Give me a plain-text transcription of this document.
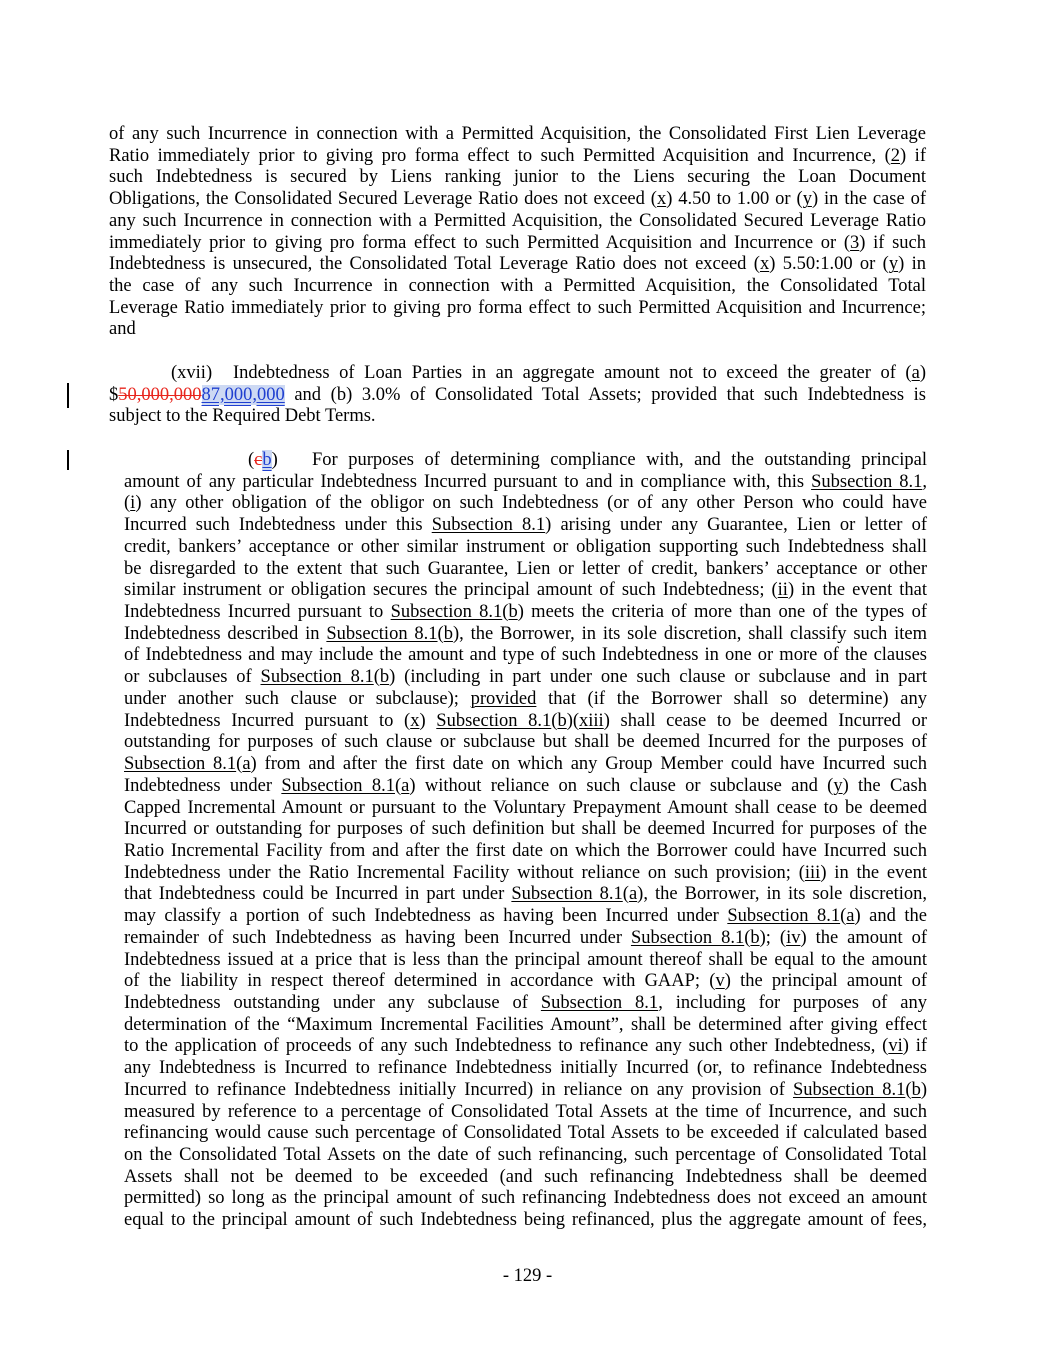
of any such Incurrence in connection with a Permitted Acquisition, the Consolidated First Lien Leverage
Ratio immediately prior to giving pro forma effect to such Permitted Acquisition and Incurrence, (2) if
such Indebtedness is secured by Liens ranking junior to the Liens securing the Loan Document
Obligations, the Consolidated Secured Leverage Ratio does not exceed (x) 4.50 to 1.00 or (y) in the case of
any such Incurrence in connection with a Permitted Acquisition, the Consolidated Secured Leverage Ratio
immediately prior to giving pro forma effect to such Permitted Acquisition and Incurrence or (3) if such
Indebtedness is unsecured, the Consolidated Total Leverage Ratio does not exceed (x) 5.50:1.00 or (y) in
the case of any such Incurrence in connection with a Permitted Acquisition, the Consolidated Total
Leverage Ratio immediately prior to giving pro forma effect to such Permitted Acquisition and Incurrence;
and
(xvii) Indebtedness of Loan Parties in an aggregate amount not to exceed the greater of (a)
$50,000,00087,000,000 and (b) 3.0% of Consolidated Total Assets; provided that such Indebtedness is
subject to the Required Debt Terms.
(cb) For purposes of determining compliance with, and the outstanding principal
amount of any particular Indebtedness Incurred pursuant to and in compliance with, this Subsection 8.1,
(i) any other obligation of the obligor on such Indebtedness (or of any other Person who could have
Incurred such Indebtedness under this Subsection 8.1) arising under any Guarantee, Lien or letter of
credit, bankers’ acceptance or other similar instrument or obligation supporting such Indebtedness shall
be disregarded to the extent that such Guarantee, Lien or letter of credit, bankers’ acceptance or other
similar instrument or obligation secures the principal amount of such Indebtedness; (ii) in the event that
Indebtedness Incurred pursuant to Subsection 8.1(b) meets the criteria of more than one of the types of
Indebtedness described in Subsection 8.1(b), the Borrower, in its sole discretion, shall classify such item
of Indebtedness and may include the amount and type of such Indebtedness in one or more of the clauses
or subclauses of Subsection 8.1(b) (including in part under one such clause or subclause and in part
under another such clause or subclause); provided that (if the Borrower shall so determine) any
Indebtedness Incurred pursuant to (x) Subsection 8.1(b)(xiii) shall cease to be deemed Incurred or
outstanding for purposes of such clause or subclause but shall be deemed Incurred for the purposes of
Subsection 8.1(a) from and after the first date on which any Group Member could have Incurred such
Indebtedness under Subsection 8.1(a) without reliance on such clause or subclause and (y) the Cash
Capped Incremental Amount or pursuant to the Voluntary Prepayment Amount shall cease to be deemed
Incurred or outstanding for purposes of such definition but shall be deemed Incurred for purposes of the
Ratio Incremental Facility from and after the first date on which the Borrower could have Incurred such
Indebtedness under the Ratio Incremental Facility without reliance on such provision; (iii) in the event
that Indebtedness could be Incurred in part under Subsection 8.1(a), the Borrower, in its sole discretion,
may classify a portion of such Indebtedness as having been Incurred under Subsection 8.1(a) and the
remainder of such Indebtedness as having been Incurred under Subsection 8.1(b); (iv) the amount of
Indebtedness issued at a price that is less than the principal amount thereof shall be equal to the amount
of the liability in respect thereof determined in accordance with GAAP; (v) the principal amount of
Indebtedness outstanding under any subclause of Subsection 8.1, including for purposes of any
determination of the “Maximum Incremental Facilities Amount”, shall be determined after giving effect
to the application of proceeds of any such Indebtedness to refinance any such other Indebtedness, (vi) if
any Indebtedness is Incurred to refinance Indebtedness initially Incurred (or, to refinance Indebtedness
Incurred to refinance Indebtedness initially Incurred) in reliance on any provision of Subsection 8.1(b)
measured by reference to a percentage of Consolidated Total Assets at the time of Incurrence, and such
refinancing would cause such percentage of Consolidated Total Assets to be exceeded if calculated based
on the Consolidated Total Assets on the date of such refinancing, such percentage of Consolidated Total
Assets shall not be deemed to be exceeded (and such refinancing Indebtedness shall be deemed
permitted) so long as the principal amount of such refinancing Indebtedness does not exceed an amount
equal to the principal amount of such Indebtedness being refinanced, plus the aggregate amount of fees,
- 129 -
